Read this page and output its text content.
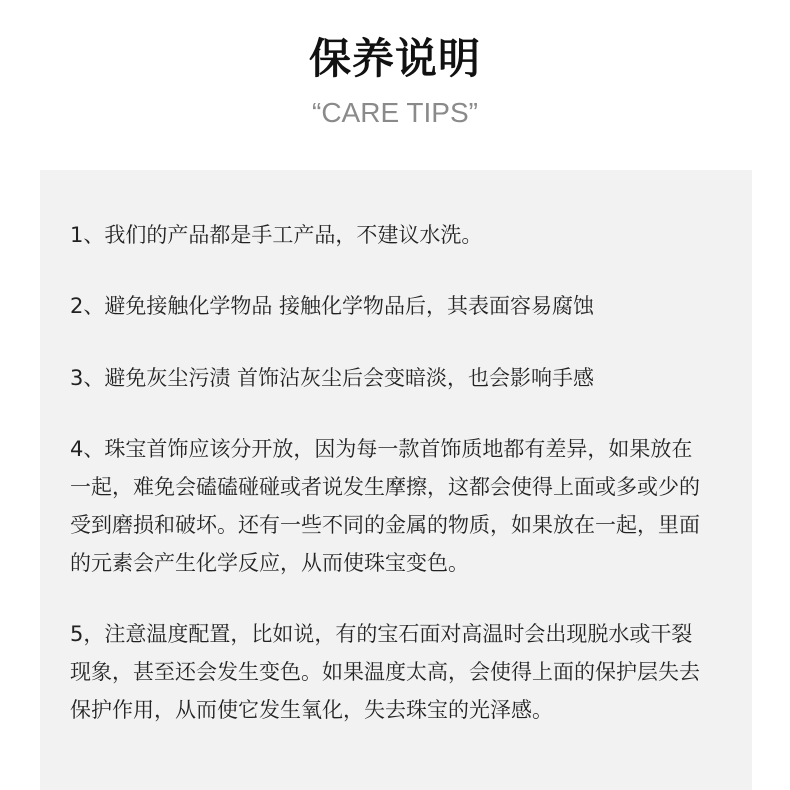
保养说明
“CARE TIPS”

1、我们的产品都是手工产品，不建议水洗。

2、避免接触化学物品 接触化学物品后，其表面容易腐蚀

3、避免灰尘污渍 首饰沾灰尘后会变暗淡，也会影响手感

4、珠宝首饰应该分开放，因为每一款首饰质地都有差异，如果放在一起，难免会磕磕碰碰或者说发生摩擦，这都会使得上面或多或少的受到磨损和破坏。还有一些不同的金属的物质，如果放在一起，里面的元素会产生化学反应，从而使珠宝变色。

5，注意温度配置，比如说，有的宝石面对高温时会出现脱水或干裂现象，甚至还会发生变色。如果温度太高，会使得上面的保护层失去保护作用，从而使它发生氧化，失去珠宝的光泽感。
